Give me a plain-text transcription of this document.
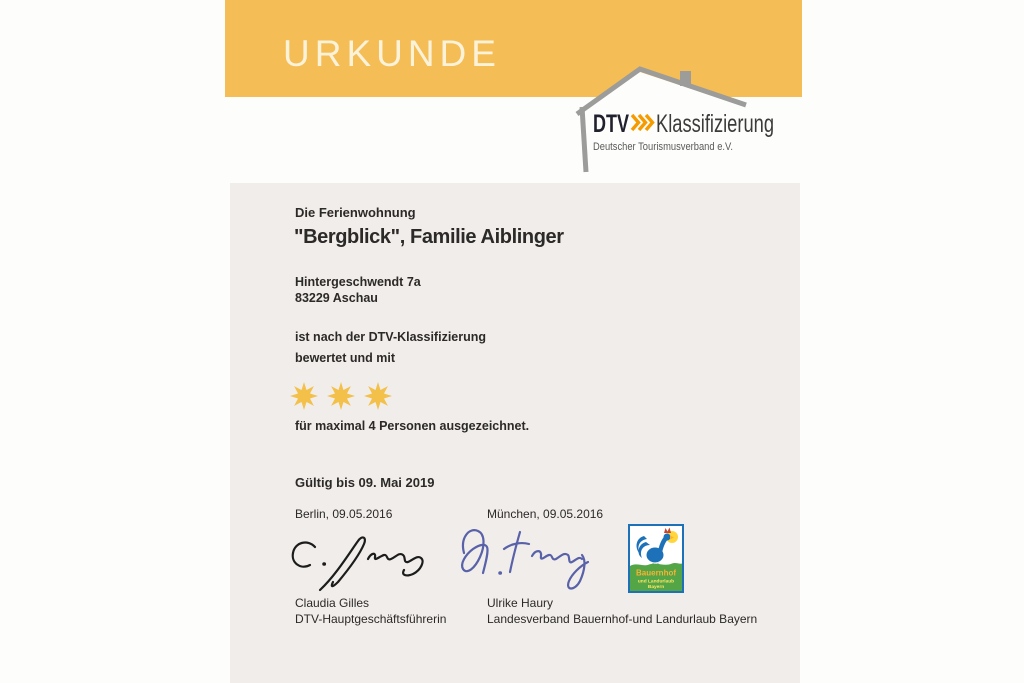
URKUNDE
DTV Klassifizierung
Deutscher Tourismusverband e.V.
Die Ferienwohnung
"Bergblick", Familie Aiblinger
Hintergeschwendt 7a
83229 Aschau
ist nach der DTV-Klassifizierung
bewertet und mit
für maximal 4 Personen ausgezeichnet.
Gültig bis 09. Mai 2019
Berlin, 09.05.2016	München, 09.05.2016
Bauernhof
und Landurlaub
Bayern
Claudia Gilles
DTV-Hauptgeschäftsführerin
Ulrike Haury
Landesverband Bauernhof-und Landurlaub Bayern
